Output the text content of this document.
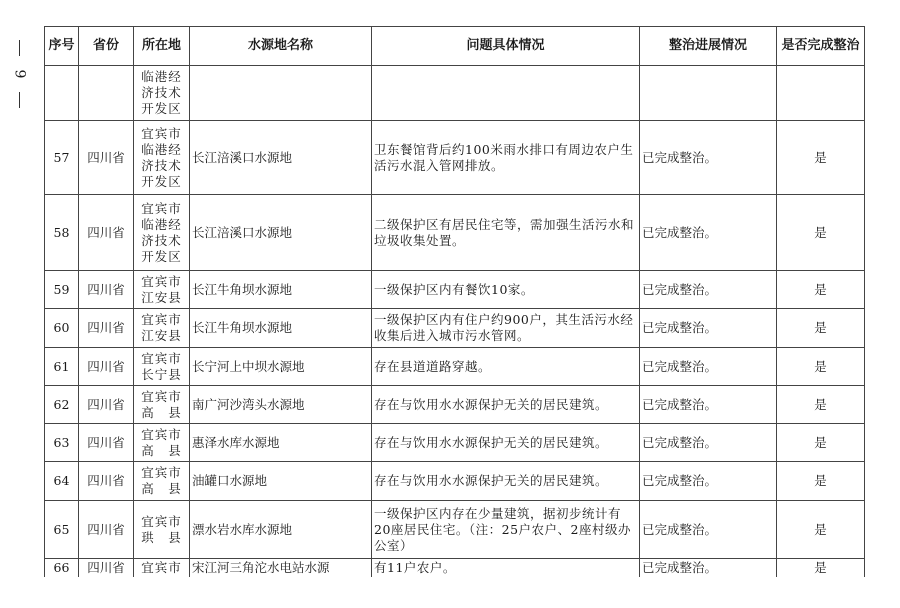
9
序号	省份	所在地	水源地名称	问题具体情况	整治进展情况	是否完成整治
		临港经
济技术
开发区				
57	四川省	宜宾市
临港经
济技术
开发区	长江涪溪口水源地	卫东餐馆背后约100米雨水排口有周边农户生活污水混入管网排放。	已完成整治。	是
58	四川省	宜宾市
临港经
济技术
开发区	长江涪溪口水源地	二级保护区有居民住宅等，需加强生活污水和垃圾收集处置。	已完成整治。	是
59	四川省	宜宾市
江安县	长江牛角坝水源地	一级保护区内有餐饮10家。	已完成整治。	是
60	四川省	宜宾市
江安县	长江牛角坝水源地	一级保护区内有住户约900户，其生活污水经收集后进入城市污水管网。	已完成整治。	是
61	四川省	宜宾市
长宁县	长宁河上中坝水源地	存在县道道路穿越。	已完成整治。	是
62	四川省	宜宾市
高　县	南广河沙湾头水源地	存在与饮用水水源保护无关的居民建筑。	已完成整治。	是
63	四川省	宜宾市
高　县	惠泽水库水源地	存在与饮用水水源保护无关的居民建筑。	已完成整治。	是
64	四川省	宜宾市
高　县	油罐口水源地	存在与饮用水水源保护无关的居民建筑。	已完成整治。	是
65	四川省	宜宾市
珙　县	漂水岩水库水源地	一级保护区内存在少量建筑，据初步统计有20座居民住宅。（注：25户农户、2座村级办公室）	已完成整治。	是
66	四川省	宜宾市	宋江河三角沱水电站水源	有11户农户。	已完成整治。	是
